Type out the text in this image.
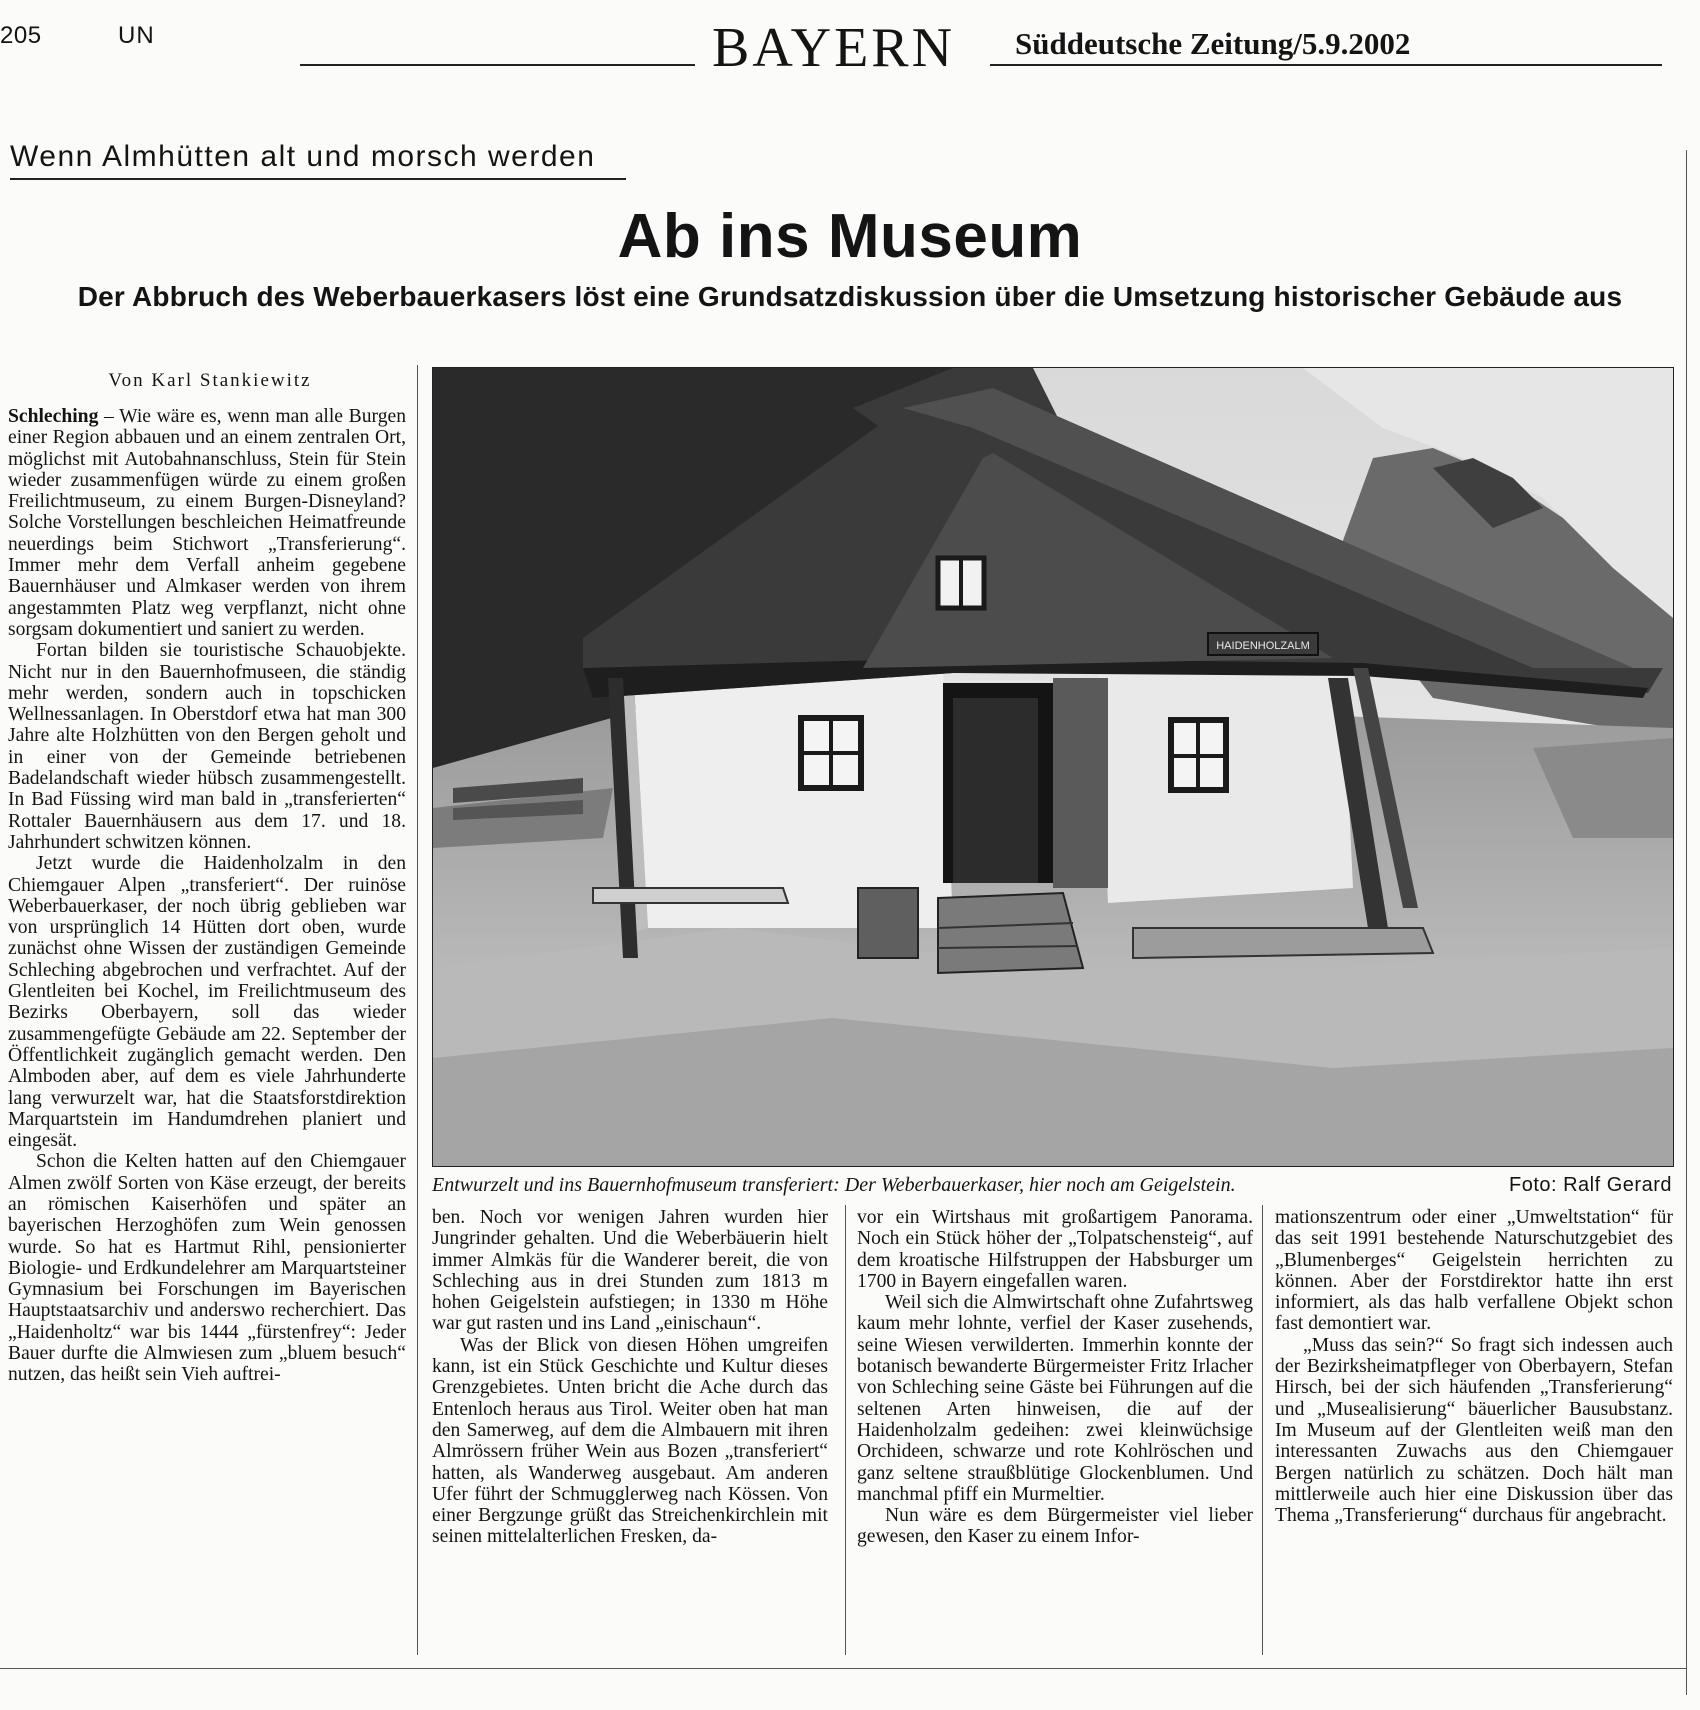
205	UN	BAYERN Süddeutsche Zeitung/5.9.2002
Wenn Almhütten alt und morsch werden
Ab ins Museum
Der Abbruch des Weberbauerkasers löst eine Grundsatzdiskussion über die Umsetzung historischer Gebäude aus
Von Karl Stankiewitz

Schleching – Wie wäre es, wenn man alle Burgen einer Region abbauen und an einem zentralen Ort, möglichst mit Autobahnanschluss, Stein für Stein wieder zusammenfügen würde zu einem großen Freilichtmuseum, zu einem Burgen-Disneyland? Solche Vorstellungen beschleichen Heimatfreunde neuerdings beim Stichwort „Transferierung“. Immer mehr dem Verfall anheim gegebene Bauernhäuser und Almkaser werden von ihrem angestammten Platz weg verpflanzt, nicht ohne sorgsam dokumentiert und saniert zu werden.

Fortan bilden sie touristische Schauobjekte. Nicht nur in den Bauernhofmuseen, die ständig mehr werden, sondern auch in topschicken Wellnessanlagen. In Oberstdorf etwa hat man 300 Jahre alte Holzhütten von den Bergen geholt und in einer von der Gemeinde betriebenen Badelandschaft wieder hübsch zusammengestellt. In Bad Füssing wird man bald in „transferierten“ Rottaler Bauernhäusern aus dem 17. und 18. Jahrhundert schwitzen können.

Jetzt wurde die Haidenholzalm in den Chiemgauer Alpen „transferiert“. Der ruinöse Weberbauerkaser, der noch übrig geblieben war von ursprünglich 14 Hütten dort oben, wurde zunächst ohne Wissen der zuständigen Gemeinde Schleching abgebrochen und verfrachtet. Auf der Glentleiten bei Kochel, im Freilichtmuseum des Bezirks Oberbayern, soll das wieder zusammengefügte Gebäude am 22. September der Öffentlichkeit zugänglich gemacht werden. Den Almboden aber, auf dem es viele Jahrhunderte lang verwurzelt war, hat die Staatsforstdirektion Marquartstein im Handumdrehen planiert und eingesät.

Schon die Kelten hatten auf den Chiemgauer Almen zwölf Sorten von Käse erzeugt, der bereits an römischen Kaiserhöfen und später an bayerischen Herzoghöfen zum Wein genossen wurde. So hat es Hartmut Rihl, pensionierter Biologie- und Erdkundelehrer am Marquartsteiner Gymnasium bei Forschungen im Bayerischen Hauptstaatsarchiv und anderswo recherchiert. Das „Haidenholtz“ war bis 1444 „fürstenfrey“: Jeder Bauer durfte die Almwiesen zum „bluem besuch“ nutzen, das heißt sein Vieh auftrei-

HAIDENHOLZALM
Entwurzelt und ins Bauernhofmuseum transferiert: Der Weberbauerkaser, hier noch am Geigelstein.	Foto: Ralf Gerard

ben. Noch vor wenigen Jahren wurden hier Jungrinder gehalten. Und die Weberbäuerin hielt immer Almkäs für die Wanderer bereit, die von Schleching aus in drei Stunden zum 1813 m hohen Geigelstein aufstiegen; in 1330 m Höhe war gut rasten und ins Land „einischaun“.

Was der Blick von diesen Höhen umgreifen kann, ist ein Stück Geschichte und Kultur dieses Grenzgebietes. Unten bricht die Ache durch das Entenloch heraus aus Tirol. Weiter oben hat man den Samerweg, auf dem die Almbauern mit ihren Almrössern früher Wein aus Bozen „transferiert“ hatten, als Wanderweg ausgebaut. Am anderen Ufer führt der Schmugglerweg nach Kössen. Von einer Bergzunge grüßt das Streichenkirchlein mit seinen mittelalterlichen Fresken, da-

vor ein Wirtshaus mit großartigem Panorama. Noch ein Stück höher der „Tolpatschensteig“, auf dem kroatische Hilfstruppen der Habsburger um 1700 in Bayern eingefallen waren.

Weil sich die Almwirtschaft ohne Zufahrtsweg kaum mehr lohnte, verfiel der Kaser zusehends, seine Wiesen verwilderten. Immerhin konnte der botanisch bewanderte Bürgermeister Fritz Irlacher von Schleching seine Gäste bei Führungen auf die seltenen Arten hinweisen, die auf der Haidenholzalm gedeihen: zwei kleinwüchsige Orchideen, schwarze und rote Kohlröschen und ganz seltene straußblütige Glockenblumen. Und manchmal pfiff ein Murmeltier.

Nun wäre es dem Bürgermeister viel lieber gewesen, den Kaser zu einem Infor-

mationszentrum oder einer „Umweltstation“ für das seit 1991 bestehende Naturschutzgebiet des „Blumenberges“ Geigelstein herrichten zu können. Aber der Forstdirektor hatte ihn erst informiert, als das halb verfallene Objekt schon fast demontiert war.

„Muss das sein?“ So fragt sich indessen auch der Bezirksheimatpfleger von Oberbayern, Stefan Hirsch, bei der sich häufenden „Transferierung“ und „Musealisierung“ bäuerlicher Bausubstanz. Im Museum auf der Glentleiten weiß man den interessanten Zuwachs aus den Chiemgauer Bergen natürlich zu schätzen. Doch hält man mittlerweile auch hier eine Diskussion über das Thema „Transferierung“ durchaus für angebracht.
